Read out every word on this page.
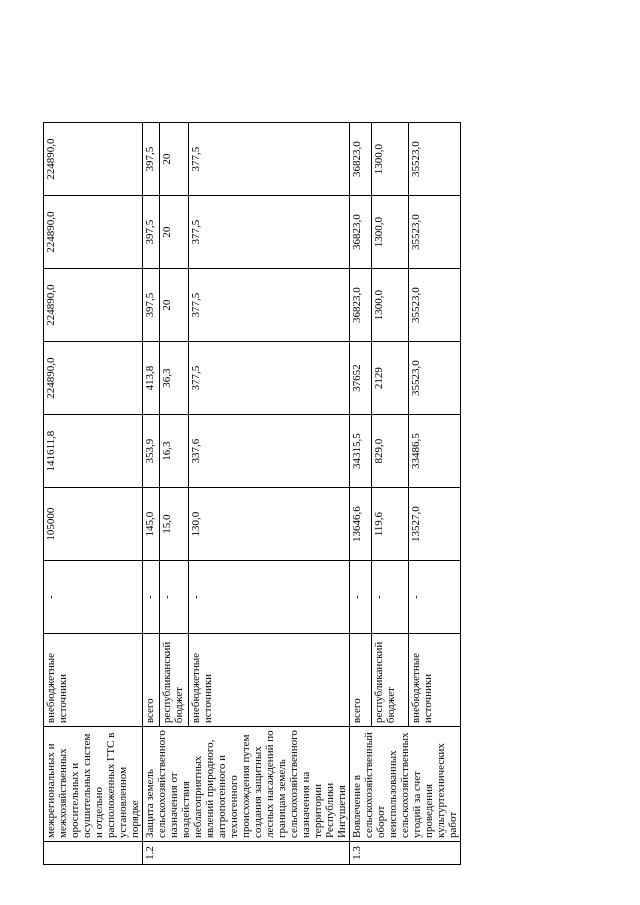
	межрегиональных и межхозяйственных оросительных и осушительных систем и отдельно расположенных ГТС в установленном порядке	внебюджетные источники	-	105000	141611,8	224890,0	224890,0	224890,0	224890,0
1.2	Защита земель сельскохозяйственного назначения от воздействия неблагоприятных явлений природного, антропогенного и техногенного происхождения путем создания защитных лесных насаждений по границам земель сельскохозяйственного назначения на территории Республики Ингушетия	всего	-	145,0	353,9	413,8	397,5	397,5	397,5
		республиканский бюджет	-	15,0	16,3	36,3	20	20	20
		внебюджетные источники	-	130,0	337,6	377,5	377,5	377,5	377,5
1.3	Вовлечение в сельскохозяйственный оборот неиспользованных сельскохозяйственных угодий за счет проведения культуртехнических работ	всего	-	13646,6	34315,5	37652	36823,0	36823,0	36823,0
		республиканский бюджет	-	119,6	829,0	2129	1300,0	1300,0	1300,0
		внебюджетные источники	-	13527,0	33486,5	35523,0	35523,0	35523,0	35523,0
